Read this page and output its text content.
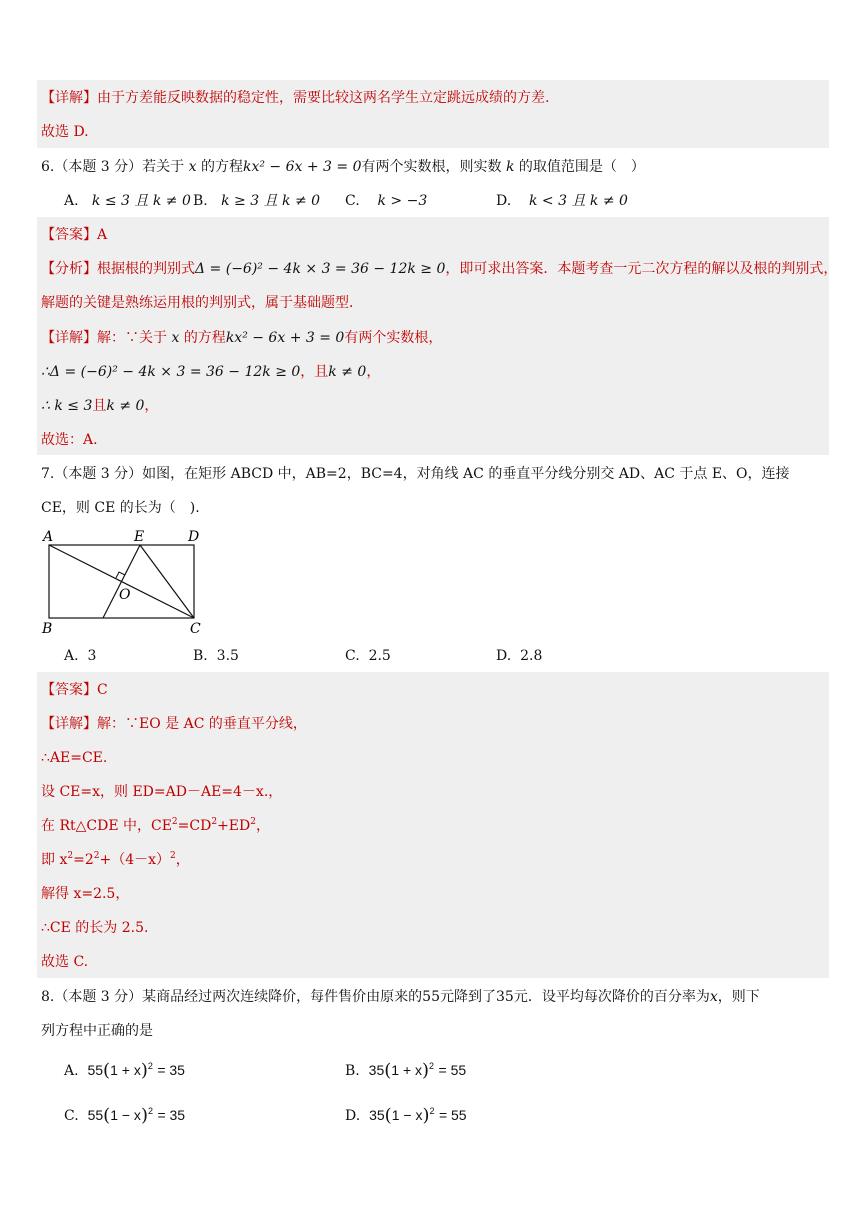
【详解】由于方差能反映数据的稳定性，需要比较这两名学生立定跳远成绩的方差.
故选 D.
6.（本题 3 分）若关于 x 的方程kx² − 6x + 3 = 0有两个实数根，则实数 k 的取值范围是（　）
A. k ≤ 3 且 k ≠ 0 B. k ≥ 3 且 k ≠ 0 C. k > −3	D. k < 3 且 k ≠ 0
【答案】A
【分析】根据根的判别式Δ = (−6)² − 4k × 3 = 36 − 12k ≥ 0，即可求出答案．本题考查一元二次方程的解以及根的判别式，
解题的关键是熟练运用根的判别式，属于基础题型．
【详解】解：∵关于 x 的方程kx² − 6x + 3 = 0有两个实数根，
∴Δ = (−6)² − 4k × 3 = 36 − 12k ≥ 0，且k ≠ 0，
∴ k ≤ 3且k ≠ 0，
故选：A.
7.（本题 3 分）如图，在矩形 ABCD 中，AB=2，BC=4，对角线 AC 的垂直平分线分别交 AD、AC 于点 E、O，连接
CE，则 CE 的长为（　).
A	E	D
O
B	C
A. 3	B. 3.5	C. 2.5	D. 2.8
【答案】C
【详解】解：∵EO 是 AC 的垂直平分线，
∴AE=CE.
设 CE=x，则 ED=AD－AE=4－x.，
在 Rt△CDE 中，$CE^2=CD^2+ED^2$，
即 $x^2=2^2+(4-x)^2$，
解得 x=2.5，
∴CE 的长为 2.5.
故选 C.
8.（本题 3 分）某商品经过两次连续降价，每件售价由原来的55元降到了35元．设平均每次降价的百分率为x，则下
列方程中正确的是
A. $55(1 + x)^2 = 35$	B. $35(1 + x)^2 = 55$
C. $55(1 - x)^2 = 35$	D. $35(1 - x)^2 = 55$
